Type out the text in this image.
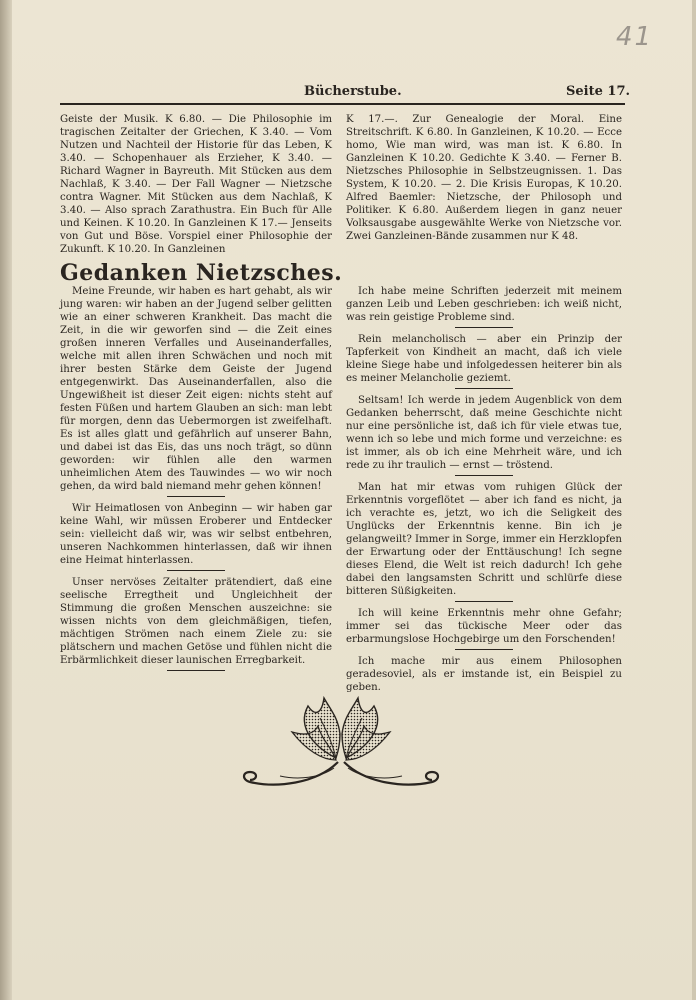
41
Bücherstube.	Seite 17.

Geiste der Musik. K 6.80. — Die Philosophie im tragischen Zeitalter der Griechen, K 3.40. — Vom Nutzen und Nachteil der Historie für das Leben, K 3.40. — Schopenhauer als Erzieher, K 3.40. — Richard Wagner in Bayreuth. Mit Stücken aus dem Nachlaß, K 3.40. — Der Fall Wagner — Nietzsche contra Wagner. Mit Stücken aus dem Nachlaß, K 3.40. — Also sprach Zarathustra. Ein Buch für Alle und Keinen. K 10.20. In Ganzleinen K 17.— Jenseits von Gut und Böse. Vorspiel einer Philosophie der Zukunft. K 10.20. In Ganzleinen

K 17.—. Zur Genealogie der Moral. Eine Streitschrift. K 6.80. In Ganzleinen, K 10.20. — Ecce homo, Wie man wird, was man ist. K 6.80. In Ganzleinen K 10.20. Gedichte K 3.40. — Ferner B. Nietzsches Philosophie in Selbstzeugnissen. 1. Das System, K 10.20. — 2. Die Krisis Europas, K 10.20. Alfred Baemler: Nietzsche, der Philosoph und Politiker. K 6.80. Außerdem liegen in ganz neuer Volksausgabe ausgewählte Werke von Nietzsche vor. Zwei Ganzleinen-Bände zusammen nur K 48.

Gedanken Nietzsches.

Meine Freunde, wir haben es hart gehabt, als wir jung waren: wir haben an der Jugend selber gelitten wie an einer schweren Krankheit. Das macht die Zeit, in die wir geworfen sind — die Zeit eines großen inneren Verfalles und Auseinanderfalles, welche mit allen ihren Schwächen und noch mit ihrer besten Stärke dem Geiste der Jugend entgegenwirkt. Das Auseinanderfallen, also die Ungewißheit ist dieser Zeit eigen: nichts steht auf festen Füßen und hartem Glauben an sich: man lebt für morgen, denn das Uebermorgen ist zweifelhaft. Es ist alles glatt und gefährlich auf unserer Bahn, und dabei ist das Eis, das uns noch trägt, so dünn geworden: wir fühlen alle den warmen unheimlichen Atem des Tauwindes — wo wir noch gehen, da wird bald niemand mehr gehen können!

Wir Heimatlosen von Anbeginn — wir haben gar keine Wahl, wir müssen Eroberer und Entdecker sein: vielleicht daß wir, was wir selbst entbehren, unseren Nachkommen hinterlassen, daß wir ihnen eine Heimat hinterlassen.

Unser nervöses Zeitalter prätendiert, daß eine seelische Erregtheit und Ungleichheit der Stimmung die großen Menschen auszeichne: sie wissen nichts von dem gleichmäßigen, tiefen, mächtigen Strömen nach einem Ziele zu: sie plätschern und machen Getöse und fühlen nicht die Erbärmlichkeit dieser launischen Erregbarkeit.

Ich habe meine Schriften jederzeit mit meinem ganzen Leib und Leben geschrieben: ich weiß nicht, was rein geistige Probleme sind.

Rein melancholisch — aber ein Prinzip der Tapferkeit von Kindheit an macht, daß ich viele kleine Siege habe und infolgedessen heiterer bin als es meiner Melancholie geziemt.

Seltsam! Ich werde in jedem Augenblick von dem Gedanken beherrscht, daß meine Geschichte nicht nur eine persönliche ist, daß ich für viele etwas tue, wenn ich so lebe und mich forme und verzeichne: es ist immer, als ob ich eine Mehrheit wäre, und ich rede zu ihr traulich — ernst — tröstend.

Man hat mir etwas vom ruhigen Glück der Erkenntnis vorgeflötet — aber ich fand es nicht, ja ich verachte es, jetzt, wo ich die Seligkeit des Unglücks der Erkenntnis kenne. Bin ich je gelangweilt? Immer in Sorge, immer ein Herzklopfen der Erwartung oder der Enttäuschung! Ich segne dieses Elend, die Welt ist reich dadurch! Ich gehe dabei den langsamsten Schritt und schlürfe diese bitteren Süßigkeiten.

Ich will keine Erkenntnis mehr ohne Gefahr; immer sei das tückische Meer oder das erbarmungslose Hochgebirge um den Forschenden!

Ich mache mir aus einem Philosophen geradesoviel, als er imstande ist, ein Beispiel zu geben.
